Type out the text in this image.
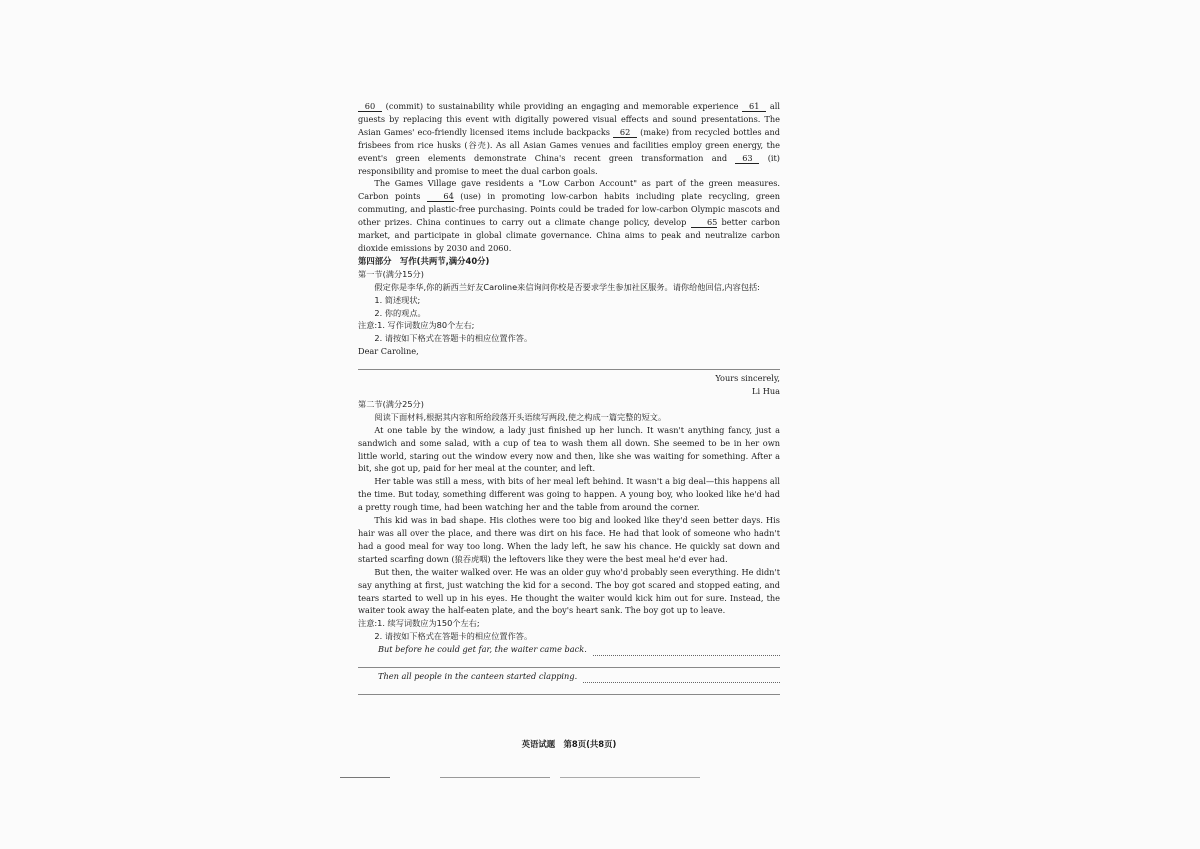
60 (commit) to sustainability while providing an engaging and memorable experience 61 all guests by replacing this event with digitally powered visual effects and sound presentations. The Asian Games' eco-friendly licensed items include backpacks 62 (make) from recycled bottles and frisbees from rice husks (谷壳). As all Asian Games venues and facilities employ green energy, the event's green elements demonstrate China's recent green transformation and 63 (it) responsibility and promise to meet the dual carbon goals.

The Games Village gave residents a "Low Carbon Account" as part of the green measures. Carbon points	64 (use) in promoting low-carbon habits including plate recycling, green commuting, and plastic-free purchasing. Points could be traded for low-carbon Olympic mascots and other prizes. China continues to carry out a climate change policy, develop	65 better carbon market, and participate in global climate governance. China aims to peak and neutralize carbon dioxide emissions by 2030 and 2060.

第四部分　写作(共两节,满分40分)

第一节(满分15分)

假定你是李华,你的新西兰好友Caroline来信询问你校是否要求学生参加社区服务。请你给他回信,内容包括:

1. 简述现状;

2. 你的观点。

注意:1. 写作词数应为80个左右;

2. 请按如下格式在答题卡的相应位置作答。

Dear Caroline,

Yours sincerely,

Li Hua

第二节(满分25分)

阅读下面材料,根据其内容和所给段落开头语续写两段,使之构成一篇完整的短文。

At one table by the window, a lady just finished up her lunch. It wasn't anything fancy, just a sandwich and some salad, with a cup of tea to wash them all down. She seemed to be in her own little world, staring out the window every now and then, like she was waiting for something. After a bit, she got up, paid for her meal at the counter, and left.

Her table was still a mess, with bits of her meal left behind. It wasn't a big deal—this happens all the time. But today, something different was going to happen. A young boy, who looked like he'd had a pretty rough time, had been watching her and the table from around the corner.

This kid was in bad shape. His clothes were too big and looked like they'd seen better days. His hair was all over the place, and there was dirt on his face. He had that look of someone who hadn't had a good meal for way too long. When the lady left, he saw his chance. He quickly sat down and started scarfing down (狼吞虎咽) the leftovers like they were the best meal he'd ever had.

But then, the waiter walked over. He was an older guy who'd probably seen everything. He didn't say anything at first, just watching the kid for a second. The boy got scared and stopped eating, and tears started to well up in his eyes. He thought the waiter would kick him out for sure. Instead, the waiter took away the half-eaten plate, and the boy's heart sank. The boy got up to leave.

注意:1. 续写词数应为150个左右;

2. 请按如下格式在答题卡的相应位置作答。

But before he could get far, the waiter came back.
Then all people in the canteen started clapping.
英语试题　第8页(共8页)
